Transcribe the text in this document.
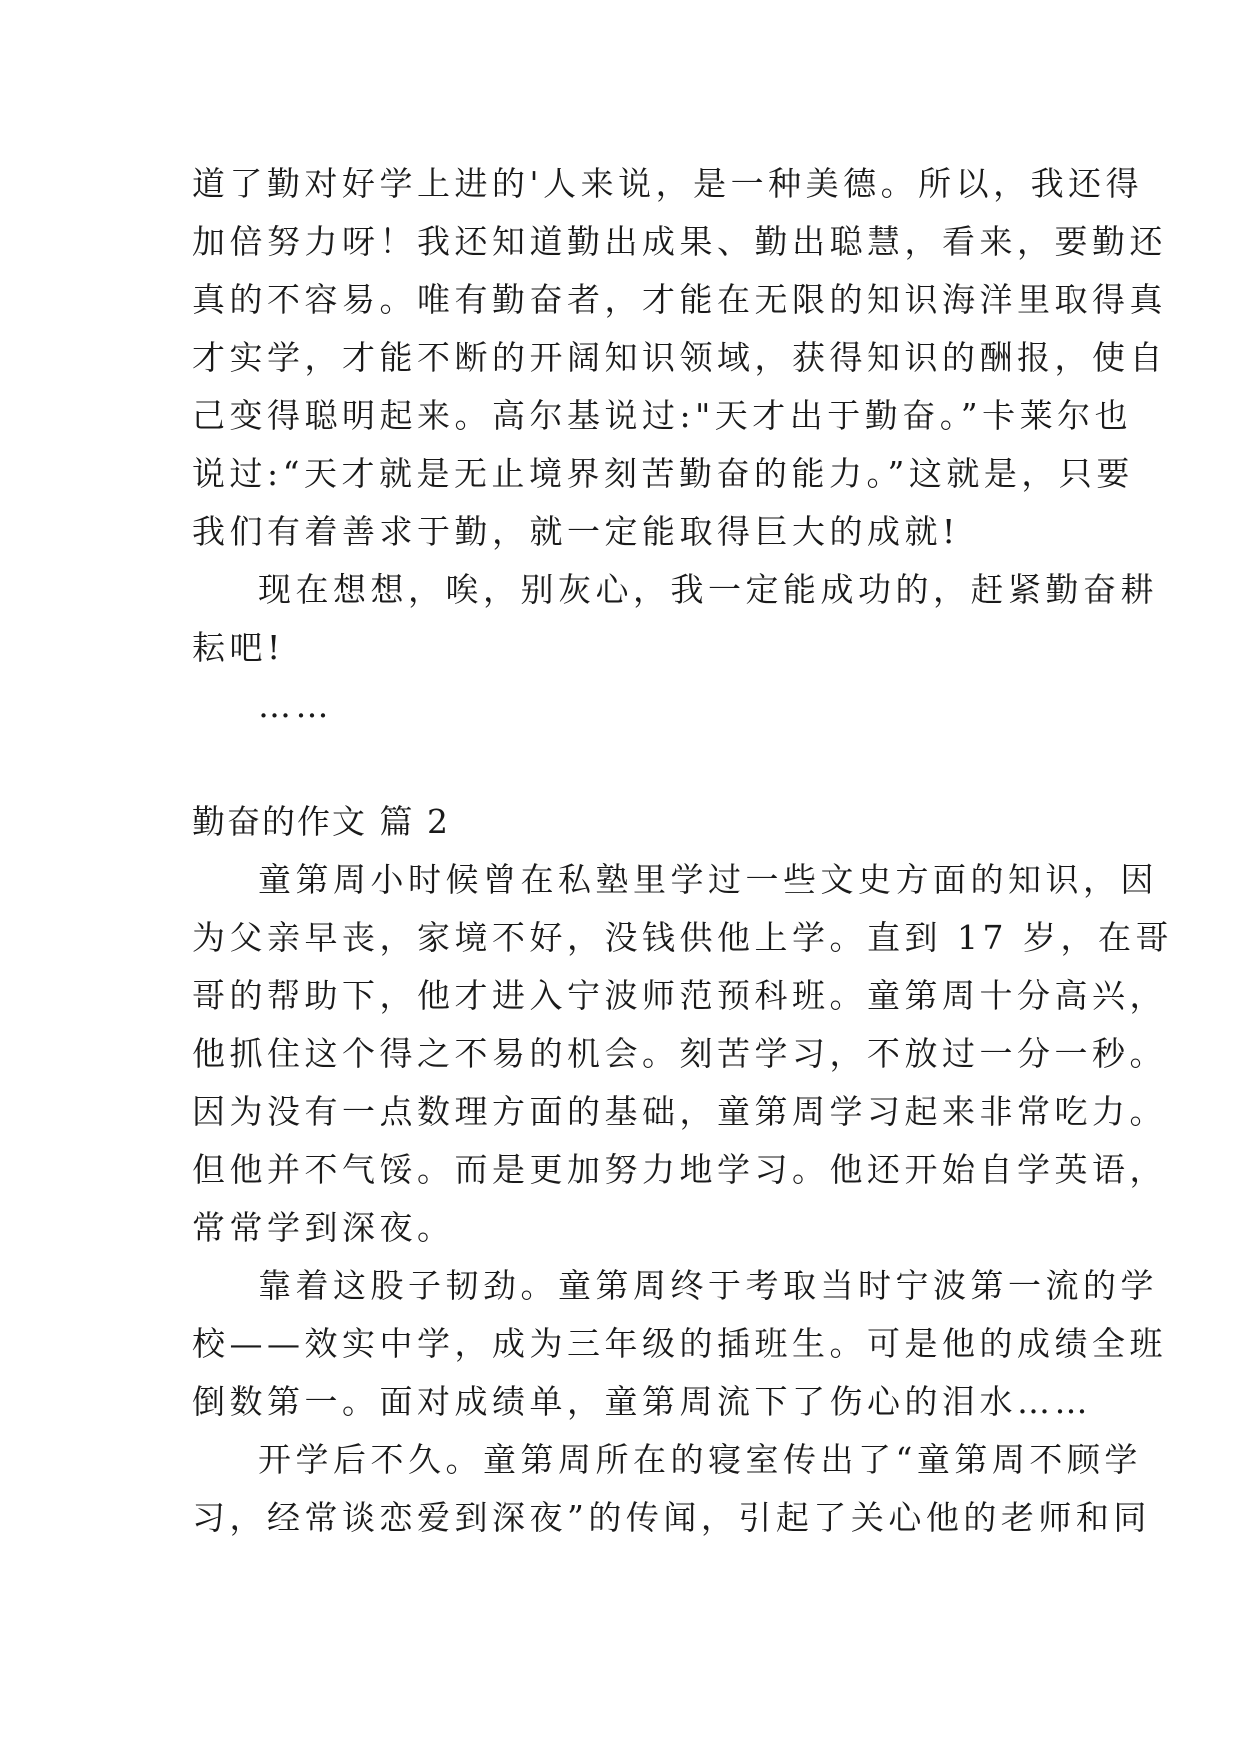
道了勤对好学上进的'人来说，是一种美德。所以，我还得
加倍努力呀！我还知道勤出成果、勤出聪慧，看来，要勤还
真的不容易。唯有勤奋者，才能在无限的知识海洋里取得真
才实学，才能不断的开阔知识领域，获得知识的酬报，使自
己变得聪明起来。高尔基说过:"天才出于勤奋。”卡莱尔也
说过:“天才就是无止境界刻苦勤奋的能力。”这就是，只要
我们有着善求于勤，就一定能取得巨大的成就!
现在想想，唉，别灰心，我一定能成功的，赶紧勤奋耕
耘吧!
……
勤奋的作文 篇 2
童第周小时候曾在私塾里学过一些文史方面的知识，因
为父亲早丧，家境不好，没钱供他上学。直到 17 岁，在哥
哥的帮助下，他才进入宁波师范预科班。童第周十分高兴，
他抓住这个得之不易的机会。刻苦学习，不放过一分一秒。
因为没有一点数理方面的基础，童第周学习起来非常吃力。
但他并不气馁。而是更加努力地学习。他还开始自学英语，
常常学到深夜。
靠着这股子韧劲。童第周终于考取当时宁波第一流的学
校——效实中学，成为三年级的插班生。可是他的成绩全班
倒数第一。面对成绩单，童第周流下了伤心的泪水……
开学后不久。童第周所在的寝室传出了“童第周不顾学
习，经常谈恋爱到深夜”的传闻，引起了关心他的老师和同
